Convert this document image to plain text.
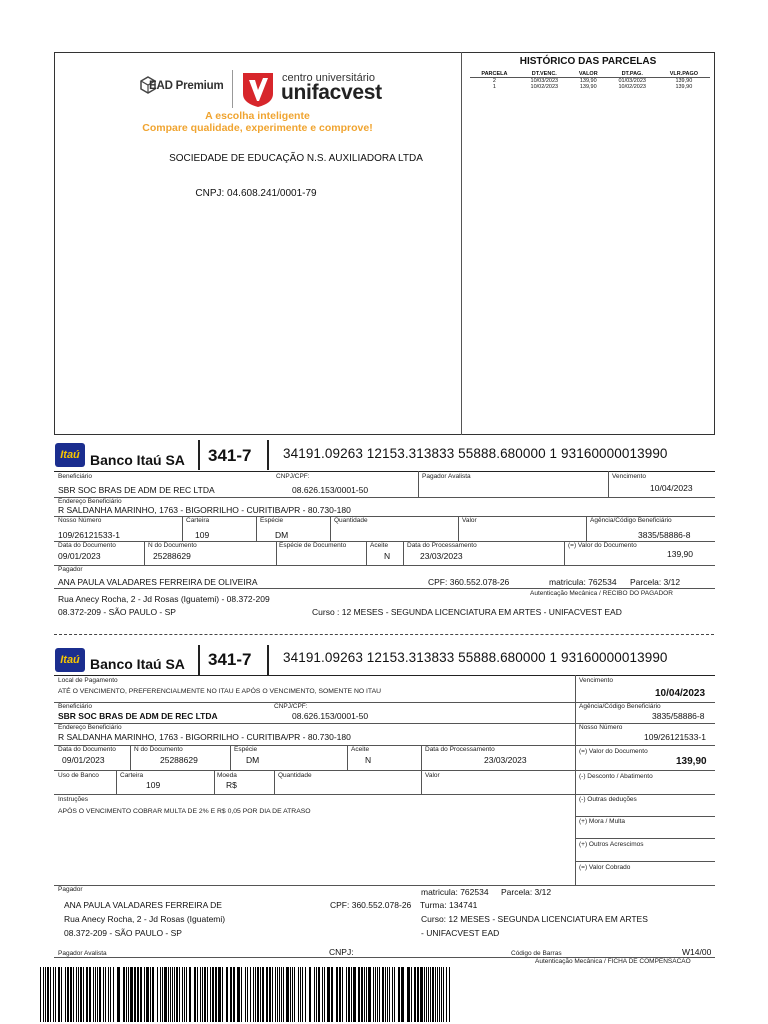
EAD Premium
centro universitário
unifacvest
A escolha inteligente
Compare qualidade, experimente e comprove!
SOCIEDADE DE EDUCAÇÃO N.S. AUXILIADORA LTDA
CNPJ: 04.608.241/0001-79
HISTÓRICO DAS PARCELAS
PARCELA	DT.VENC.	VALOR	DT.PAG.	VLR.PAGO
2	10/03/2023	139,90	01/03/2023	139,90
1	10/02/2023	139,90	10/02/2023	139,90
Itaú Banco Itaú SA 341-7 34191.09263 12153.313833 55888.680000 1 93160000013990
Beneficiário
SBR SOC BRAS DE ADM DE REC LTDA
CNPJ/CPF:
08.626.153/0001-50
Pagador Avalista	Vencimento
10/04/2023
Endereço Beneficiário
R SALDANHA MARINHO, 1763 - BIGORRILHO - CURITIBA/PR - 80.730-180
Nosso Número
109/26121533-1
Carteira
109
Espécie
DM
Quantidade	Valor	Agência/Código Beneficiário
3835/58886-8
Data do Documento
09/01/2023
N do Documento
25288629
Espécie de Documento	Aceite
N
Data do Processamento
23/03/2023
(=) Valor do Documento
139,90
Pagador
ANA PAULA VALADARES FERREIRA DE OLIVEIRA	CPF: 360.552.078-26	matricula: 762534 Parcela: 3/12
Autenticação Mecânica / RECIBO DO PAGADOR
Rua Anecy Rocha, 2 - Jd Rosas (Iguatemi) - 08.372-209
08.372-209 - SÃO PAULO - SP	Curso : 12 MESES - SEGUNDA LICENCIATURA EM ARTES - UNIFACVEST EAD
Itaú Banco Itaú SA 341-7 34191.09263 12153.313833 55888.680000 1 93160000013990
Local de Pagamento
ATÉ O VENCIMENTO, PREFERENCIALMENTE NO ITAU E APÓS O VENCIMENTO, SOMENTE NO ITAU
Vencimento
10/04/2023
Beneficiário
SBR SOC BRAS DE ADM DE REC LTDA
CNPJ/CPF:
08.626.153/0001-50
Agência/Código Beneficiário
3835/58886-8
Endereço Beneficiário
R SALDANHA MARINHO, 1763 - BIGORRILHO - CURITIBA/PR - 80.730-180
Nosso Número
109/26121533-1
Data do Documento
09/01/2023
N do Documento
25288629
Espécie
DM
Aceite
N
Data do Processamento
23/03/2023
(=) Valor do Documento
139,90
Uso de Banco	Carteira
109
Moeda
R$
Quantidade	Valor	(-) Desconto / Abatimento
Instruções
APÓS O VENCIMENTO COBRAR MULTA DE 2% E R$ 0,05 POR DIA DE ATRASO
(-) Outras deduções
(+) Mora / Multa
(+) Outros Acrescimos
(=) Valor Cobrado
Pagador
ANA PAULA VALADARES FERREIRA DE
Rua Anecy Rocha, 2 - Jd Rosas (Iguatemi)
08.372-209 - SÃO PAULO - SP
CPF: 360.552.078-26 Turma: 134741
matricula: 762534 Parcela: 3/12
Curso: 12 MESES - SEGUNDA LICENCIATURA EM ARTES
- UNIFACVEST EAD
Pagador Avalista	CNPJ:	Código de Barras	W14/00
Autenticação Mecânica / FICHA DE COMPENSACAO
